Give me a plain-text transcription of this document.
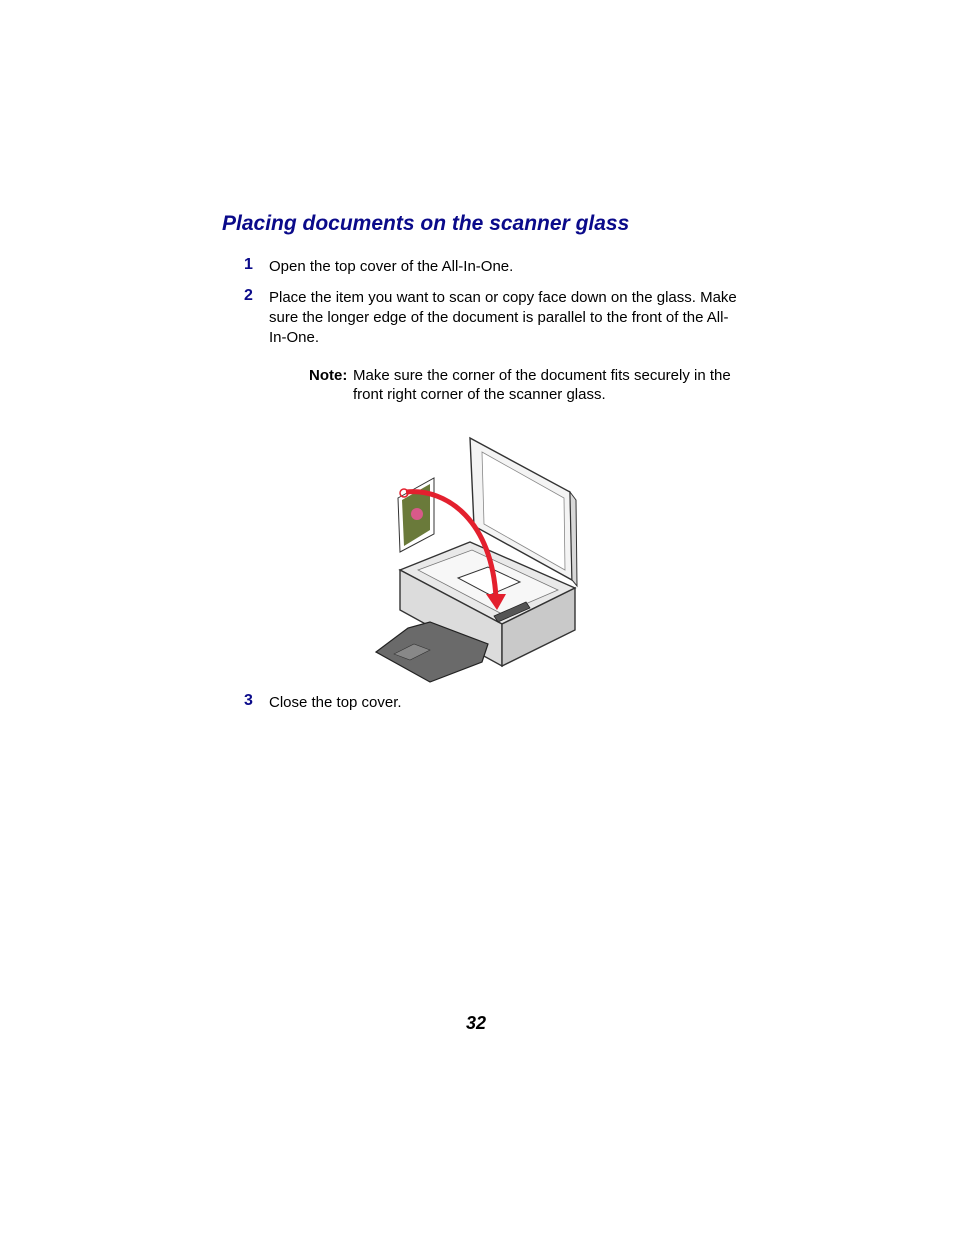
Placing documents on the scanner glass
1 Open the top cover of the All-In-One.
2 Place the item you want to scan or copy face down on the glass. Make sure the longer edge of the document is parallel to the front of the All-In-One.
Note: Make sure the corner of the document fits securely in the front right corner of the scanner glass.
3 Close the top cover.
32
